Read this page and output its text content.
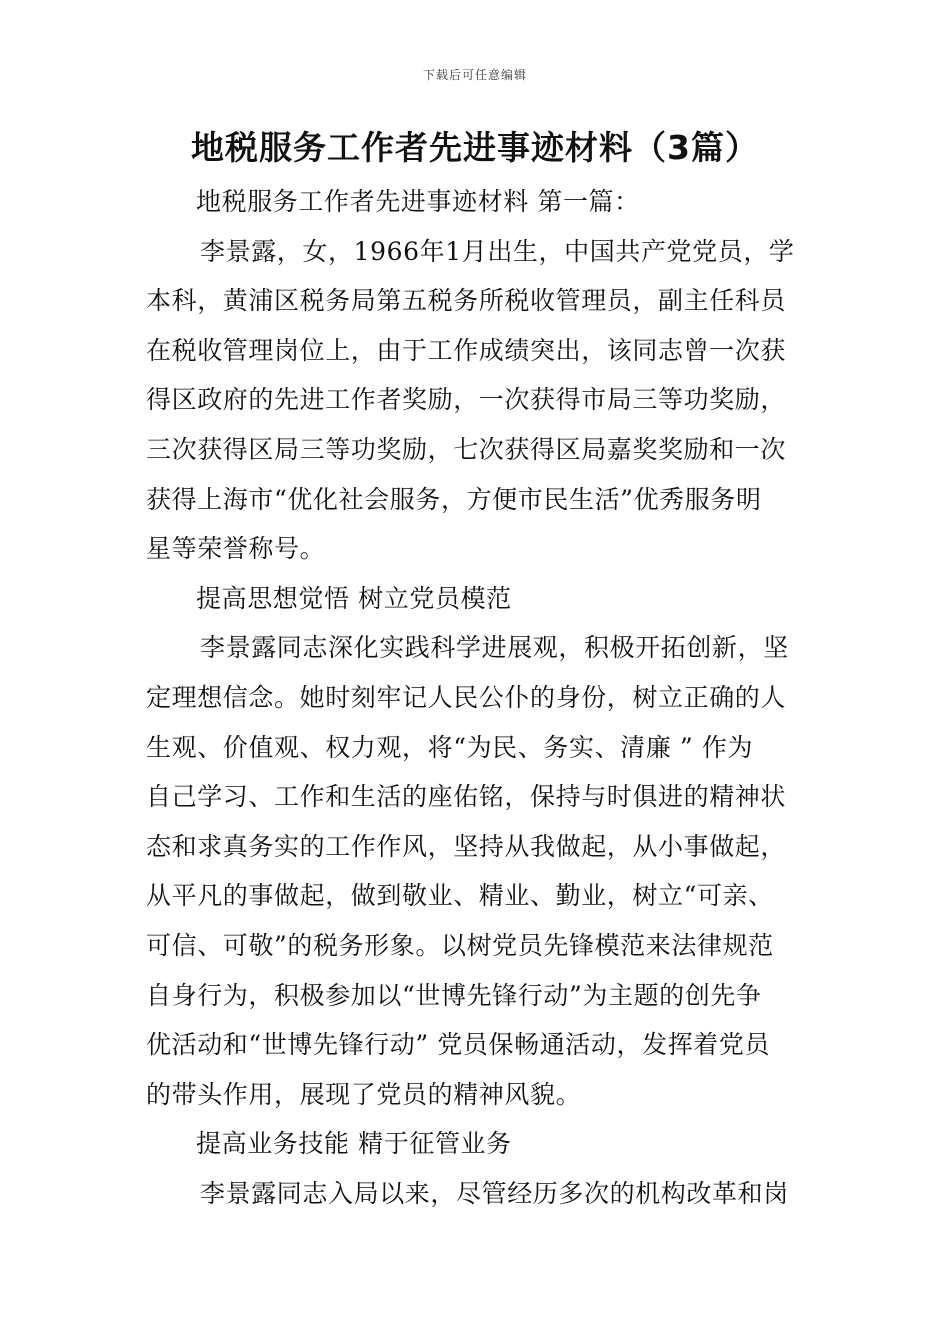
下载后可任意编辑
地税服务工作者先进事迹材料（3篇）
地税服务工作者先进事迹材料 第一篇：
李景露，女，1966年1月出生，中国共产党党员，学
本科，黄浦区税务局第五税务所税收管理员，副主任科员
在税收管理岗位上，由于工作成绩突出，该同志曾一次获
得区政府的先进工作者奖励，一次获得市局三等功奖励，
三次获得区局三等功奖励，七次获得区局嘉奖奖励和一次
获得上海市“优化社会服务，方便市民生活”优秀服务明
星等荣誉称号。
提高思想觉悟 树立党员模范
李景露同志深化实践科学进展观，积极开拓创新，坚
定理想信念。她时刻牢记人民公仆的身份，树立正确的人
生观、价值观、权力观，将“为民、务实、清廉 ” 作为
自己学习、工作和生活的座佑铭，保持与时俱进的精神状
态和求真务实的工作作风，坚持从我做起，从小事做起，
从平凡的事做起，做到敬业、精业、勤业，树立“可亲、
可信、可敬”的税务形象。以树党员先锋模范来法律规范
自身行为，积极参加以“世博先锋行动”为主题的创先争
优活动和“世博先锋行动” 党员保畅通活动，发挥着党员
的带头作用，展现了党员的精神风貌。
提高业务技能 精于征管业务
李景露同志入局以来，尽管经历多次的机构改革和岗
